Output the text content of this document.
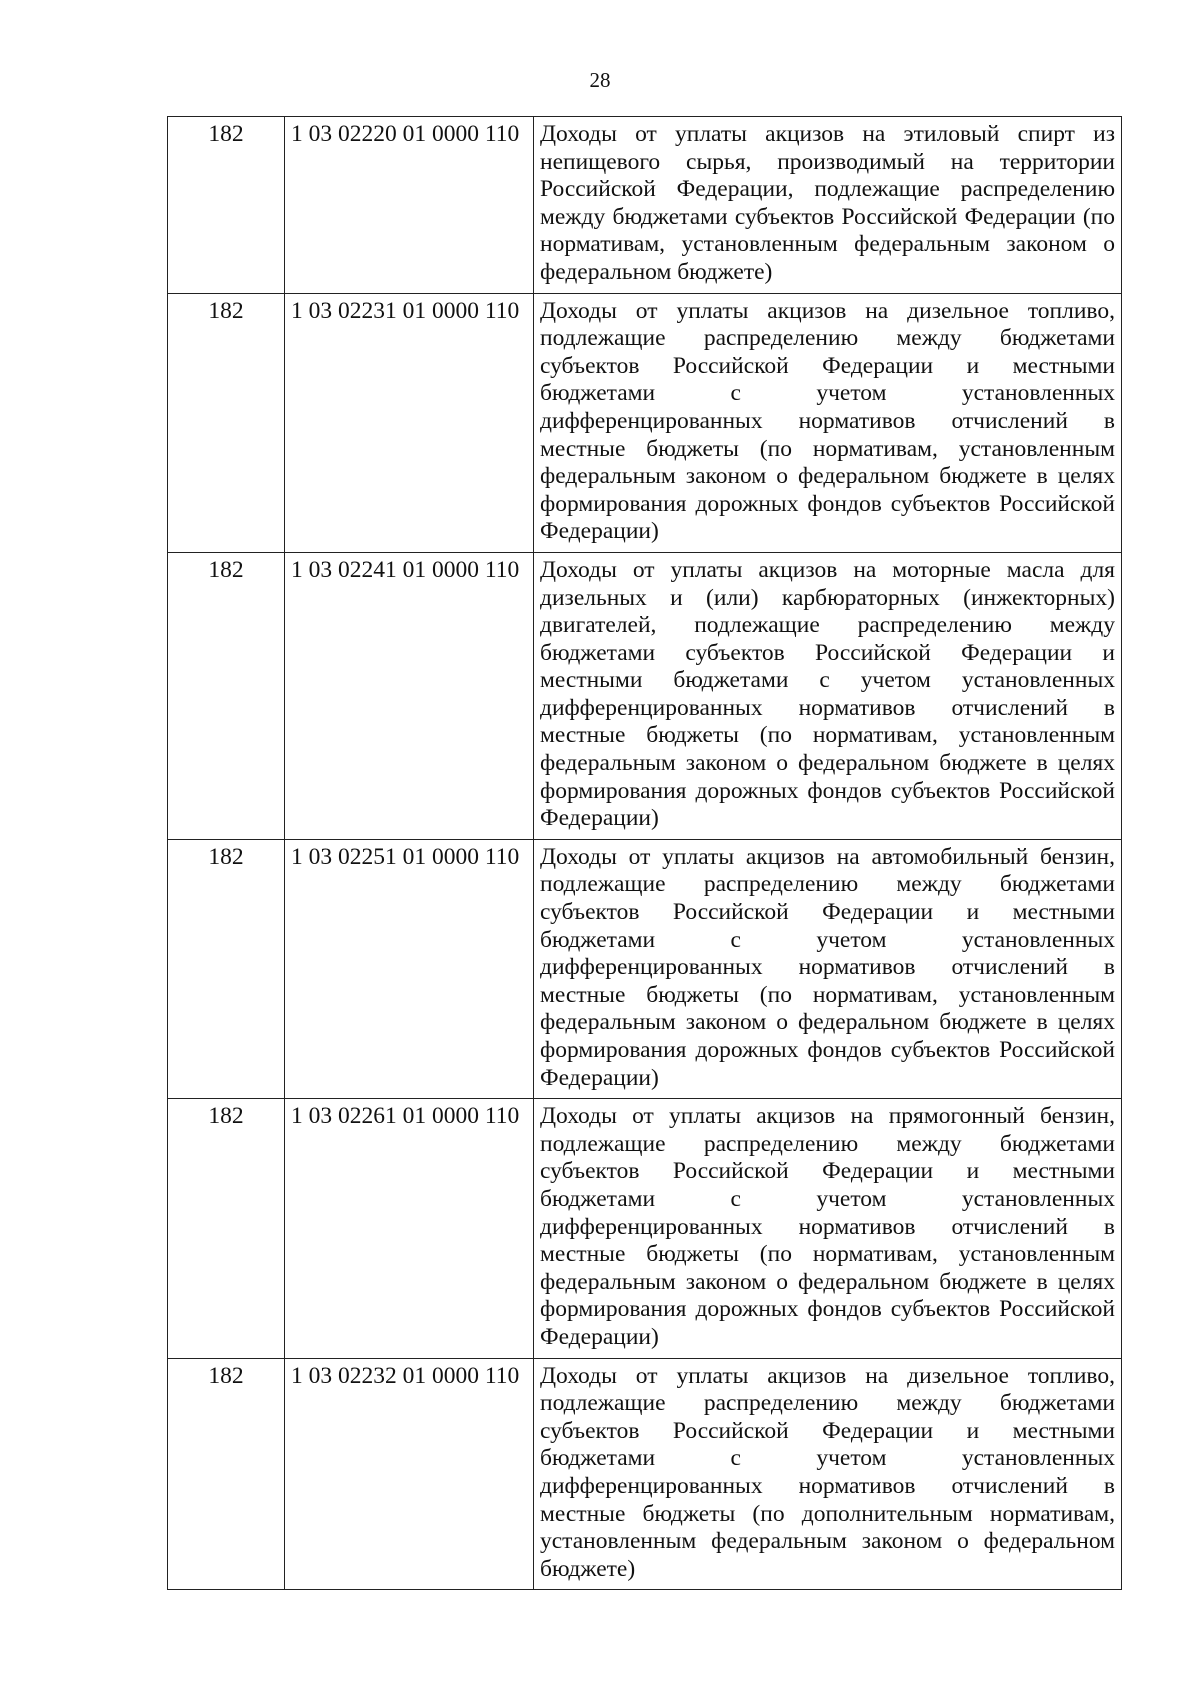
28
182	1 03 02220 01 0000 110	Доходы от уплаты акцизов на этиловый спирт из непищевого сырья, производимый на территории Российской Федерации, подлежащие распределению между бюджетами субъектов Российской Федерации (по нормативам, установленным федеральным законом о федеральном бюджете)
182	1 03 02231 01 0000 110	Доходы от уплаты акцизов на дизельное топливо, подлежащие распределению между бюджетами субъектов Российской Федерации и местными бюджетами с учетом установленных дифференцированных нормативов отчислений в местные бюджеты (по нормативам, установленным федеральным законом о федеральном бюджете в целях формирования дорожных фондов субъектов Российской Федерации)
182	1 03 02241 01 0000 110	Доходы от уплаты акцизов на моторные масла для дизельных и (или) карбюраторных (инжекторных) двигателей, подлежащие распределению между бюджетами субъектов Российской Федерации и местными бюджетами с учетом установленных дифференцированных нормативов отчислений в местные бюджеты (по нормативам, установленным федеральным законом о федеральном бюджете в целях формирования дорожных фондов субъектов Российской Федерации)
182	1 03 02251 01 0000 110	Доходы от уплаты акцизов на автомобильный бензин, подлежащие распределению между бюджетами субъектов Российской Федерации и местными бюджетами с учетом установленных дифференцированных нормативов отчислений в местные бюджеты (по нормативам, установленным федеральным законом о федеральном бюджете в целях формирования дорожных фондов субъектов Российской Федерации)
182	1 03 02261 01 0000 110	Доходы от уплаты акцизов на прямогонный бензин, подлежащие распределению между бюджетами субъектов Российской Федерации и местными бюджетами с учетом установленных дифференцированных нормативов отчислений в местные бюджеты (по нормативам, установленным федеральным законом о федеральном бюджете в целях формирования дорожных фондов субъектов Российской Федерации)
182	1 03 02232 01 0000 110	Доходы от уплаты акцизов на дизельное топливо, подлежащие распределению между бюджетами субъектов Российской Федерации и местными бюджетами с учетом установленных дифференцированных нормативов отчислений в местные бюджеты (по дополнительным нормативам, установленным федеральным законом о федеральном бюджете)
